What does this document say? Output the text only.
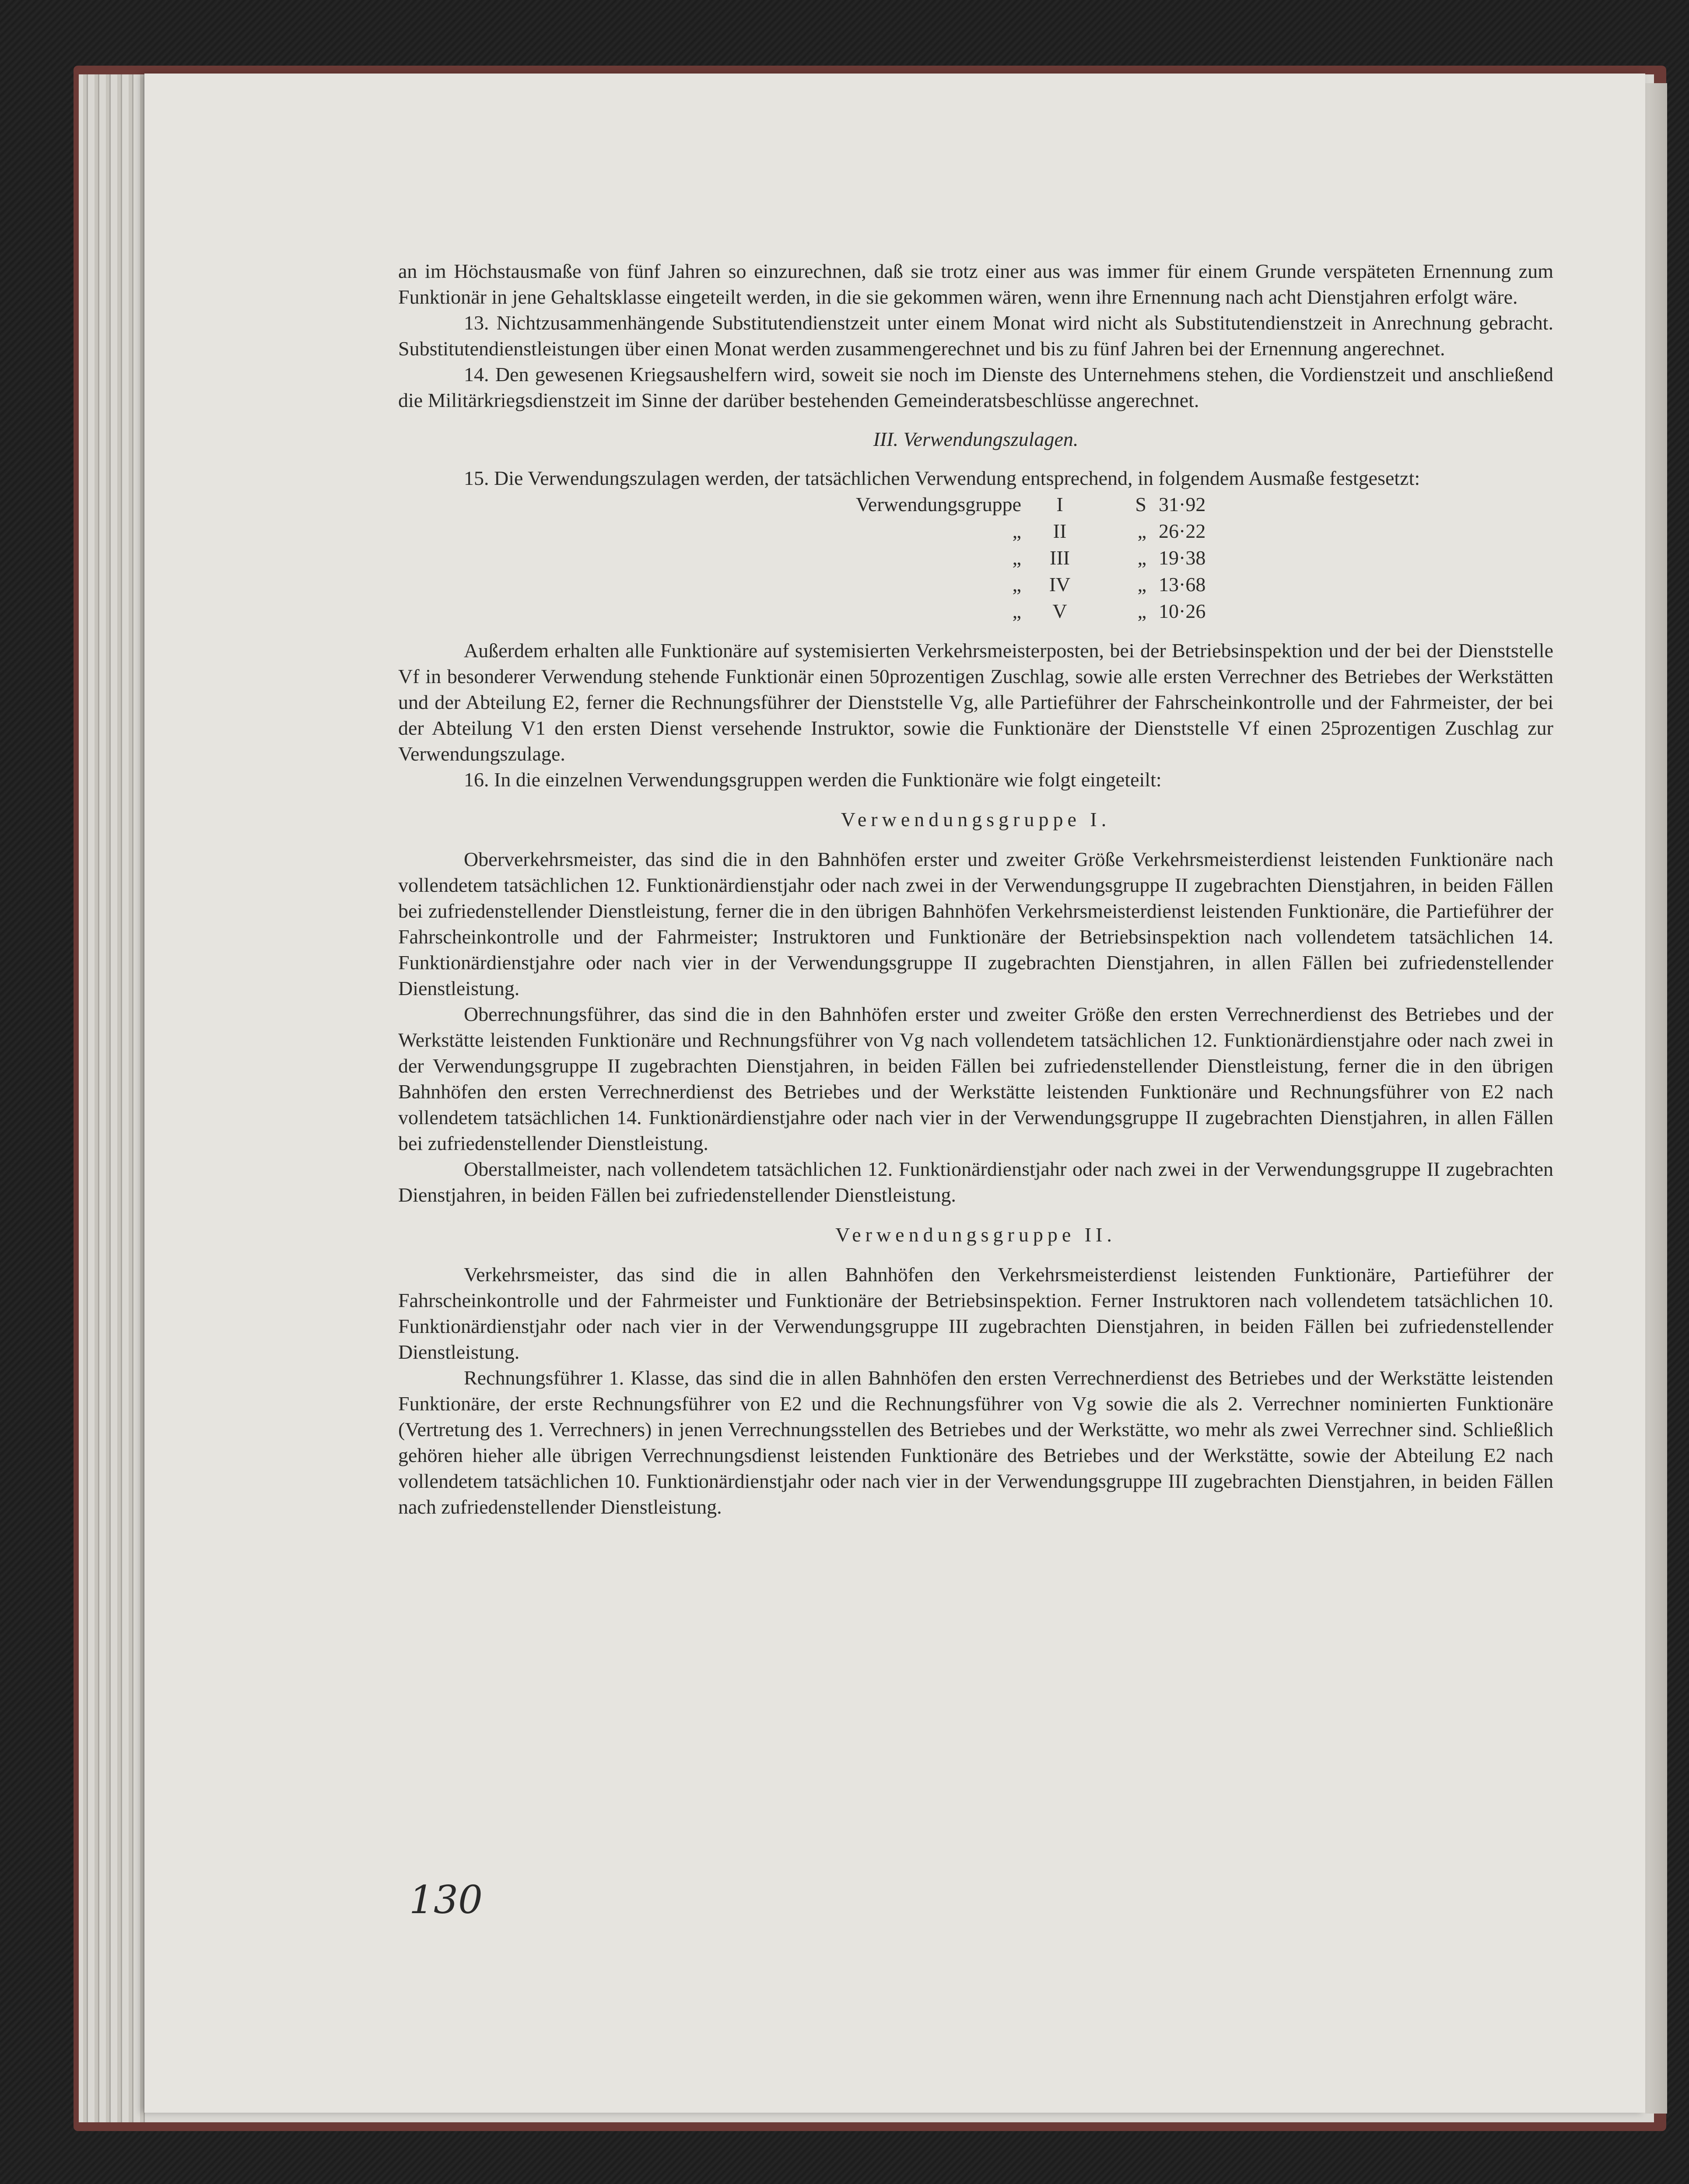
an im Höchstausmaße von fünf Jahren so einzurechnen, daß sie trotz einer aus was immer für einem Grunde verspäteten Ernennung zum Funktionär in jene Gehaltsklasse eingeteilt werden, in die sie gekommen wären, wenn ihre Ernennung nach acht Dienstjahren erfolgt wäre.

13. Nichtzusammenhängende Substitutendienstzeit unter einem Monat wird nicht als Substitutendienstzeit in Anrechnung gebracht. Substitutendienstleistungen über einen Monat werden zusammengerechnet und bis zu fünf Jahren bei der Ernennung angerechnet.

14. Den gewesenen Kriegsaushelfern wird, soweit sie noch im Dienste des Unternehmens stehen, die Vordienstzeit und anschließend die Militärkriegsdienstzeit im Sinne der darüber bestehenden Gemeinderatsbeschlüsse angerechnet.

III. Verwendungszulagen.

15. Die Verwendungszulagen werden, der tatsächlichen Verwendung entsprechend, in folgendem Ausmaße festgesetzt:

Verwendungsgruppe	I	S	31·92
„	II	„	26·22
„	III	„	19·38
„	IV	„	13·68
„	V	„	10·26

Außerdem erhalten alle Funktionäre auf systemisierten Verkehrsmeisterposten, bei der Betriebsinspektion und der bei der Dienststelle Vf in besonderer Verwendung stehende Funktionär einen 50prozentigen Zuschlag, sowie alle ersten Verrechner des Betriebes der Werkstätten und der Abteilung E2, ferner die Rechnungsführer der Dienststelle Vg, alle Partieführer der Fahrscheinkontrolle und der Fahrmeister, der bei der Abteilung V1 den ersten Dienst versehende Instruktor, sowie die Funktionäre der Dienststelle Vf einen 25prozentigen Zuschlag zur Verwendungszulage.

16. In die einzelnen Verwendungsgruppen werden die Funktionäre wie folgt eingeteilt:

Verwendungsgruppe I.

Oberverkehrsmeister, das sind die in den Bahnhöfen erster und zweiter Größe Verkehrsmeisterdienst leistenden Funktionäre nach vollendetem tatsächlichen 12. Funktionärdienstjahr oder nach zwei in der Verwendungsgruppe II zugebrachten Dienstjahren, in beiden Fällen bei zufriedenstellender Dienstleistung, ferner die in den übrigen Bahnhöfen Verkehrsmeisterdienst leistenden Funktionäre, die Partieführer der Fahrscheinkontrolle und der Fahrmeister; Instruktoren und Funktionäre der Betriebsinspektion nach vollendetem tatsächlichen 14. Funktionärdienstjahre oder nach vier in der Verwendungsgruppe II zugebrachten Dienstjahren, in allen Fällen bei zufriedenstellender Dienstleistung.

Oberrechnungsführer, das sind die in den Bahnhöfen erster und zweiter Größe den ersten Verrechnerdienst des Betriebes und der Werkstätte leistenden Funktionäre und Rechnungsführer von Vg nach vollendetem tatsächlichen 12. Funktionärdienstjahre oder nach zwei in der Verwendungsgruppe II zugebrachten Dienstjahren, in beiden Fällen bei zufriedenstellender Dienstleistung, ferner die in den übrigen Bahnhöfen den ersten Verrechnerdienst des Betriebes und der Werkstätte leistenden Funktionäre und Rechnungsführer von E2 nach vollendetem tatsächlichen 14. Funktionärdienstjahre oder nach vier in der Verwendungsgruppe II zugebrachten Dienstjahren, in allen Fällen bei zufriedenstellender Dienstleistung.

Oberstallmeister, nach vollendetem tatsächlichen 12. Funktionärdienstjahr oder nach zwei in der Verwendungsgruppe II zugebrachten Dienstjahren, in beiden Fällen bei zufriedenstellender Dienstleistung.

Verwendungsgruppe II.

Verkehrsmeister, das sind die in allen Bahnhöfen den Verkehrsmeisterdienst leistenden Funktionäre, Partieführer der Fahrscheinkontrolle und der Fahrmeister und Funktionäre der Betriebsinspektion. Ferner Instruktoren nach vollendetem tatsächlichen 10. Funktionärdienstjahr oder nach vier in der Verwendungsgruppe III zugebrachten Dienstjahren, in beiden Fällen bei zufriedenstellender Dienstleistung.

Rechnungsführer 1. Klasse, das sind die in allen Bahnhöfen den ersten Verrechnerdienst des Betriebes und der Werkstätte leistenden Funktionäre, der erste Rechnungsführer von E2 und die Rechnungsführer von Vg sowie die als 2. Verrechner nominierten Funktionäre (Vertretung des 1. Verrechners) in jenen Verrechnungsstellen des Betriebes und der Werkstätte, wo mehr als zwei Verrechner sind. Schließlich gehören hieher alle übrigen Verrechnungsdienst leistenden Funktionäre des Betriebes und der Werkstätte, sowie der Abteilung E2 nach vollendetem tatsächlichen 10. Funktionärdienstjahr oder nach vier in der Verwendungsgruppe III zugebrachten Dienstjahren, in beiden Fällen nach zufriedenstellender Dienstleistung.

130
